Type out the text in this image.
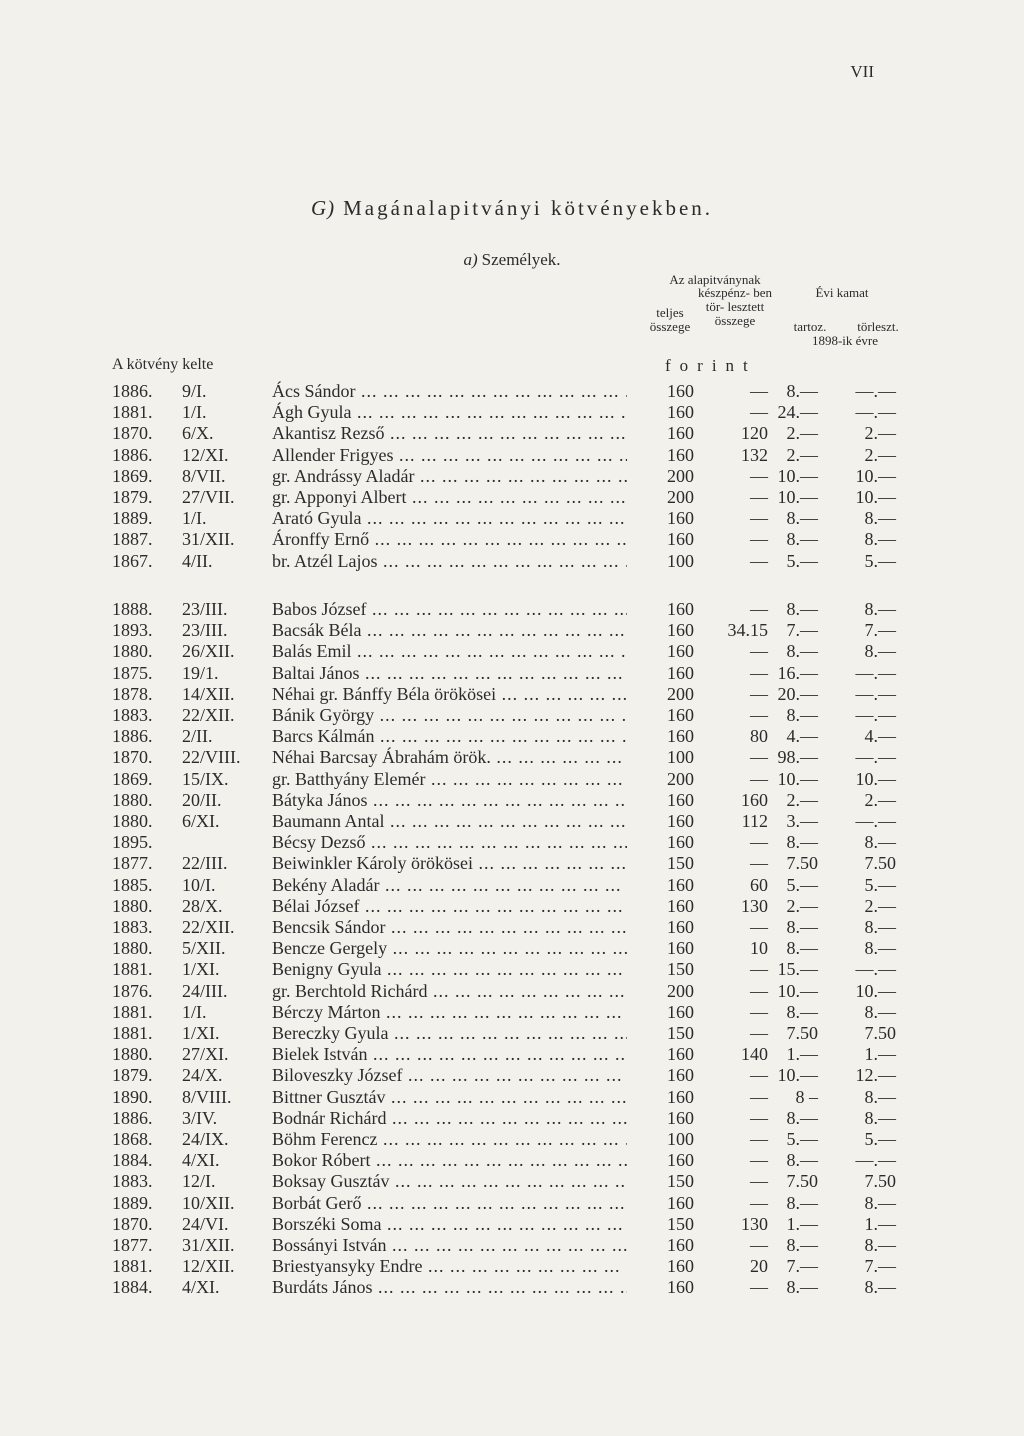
VII
G) Magánalapitványi kötvényekben.
a) Személyek.
Az alapitványnak
Évi kamat
teljes összege
készpénz- ben tör- lesztett összege	tartoz.	törleszt.
1898-ik évre
A kötvény kelte	forint
1886. 9/I.	Ács Sándor ... .	160	—	8.—	—.—
1881. 1/I.	Ágh Gyula ... .	160	— 24.—	—.—
1870. 6/X.	Akantisz Rezső ... .	160	120	2.—	2.—
1886. 12/XI. Allender Frigyes ... .	160	132	2.—	2.—
1869. 8/VII.	gr. Andrássy Aladár ... .	200	— 10.—	10.—
1879. 27/VII. gr. Apponyi Albert ... .	200	— 10.—	10.—
1889. 1/I.	Arató Gyula ... .	160	—	8.—	8.—
1887. 31/XII. Áronffy Ernő ... .	160	—	8.—	8.—
1867. 4/II.	br. Atzél Lajos ... .	100	—	5.—	5.—
1888. 23/III. Babos József ... .	160	—	8.—	8.—
1893. 23/III. Bacsák Béla ... .	160	34.15	7.—	7.—
1880. 26/XII. Balás Emil ... .	160	—	8.—	8.—
1875. 19/1.	Baltai János ... .	160	— 16.—	—.—
1878. 14/XII. Néhai gr. Bánffy Béla örökösei ... .	200	— 20.—	—.—
1883. 22/XII. Bánik György ... .	160	—	8.—	—.—
1886. 2/II.	Barcs Kálmán ... .	160	80	4.—	4.—
1870. 22/VIII. Néhai Barcsay Ábrahám örök. ... .	100	— 98.—	—.—
1869. 15/IX. gr. Batthyány Elemér ... .	200	— 10.—	10.—
1880. 20/II.	Bátyka János ... .	160	160	2.—	2.—
1880. 6/XI.	Baumann Antal ... .	160	112	3.—	—.—
1895.	Bécsy Dezső ... .	160	—	8.—	8.—
1877. 22/III. Beiwinkler Károly örökösei ... .	150	—	7.50	7.50
1885. 10/I.	Bekény Aladár ... .	160	60	5.—	5.—
1880. 28/X.	Bélai József ... .	160	130	2.—	2.—
1883. 22/XII. Bencsik Sándor ... .	160	—	8.—	8.—
1880. 5/XII.	Bencze Gergely ... .	160	10	8.—	8.—
1881. 1/XI.	Benigny Gyula ... .	150	— 15.—	—.—
1876. 24/III. gr. Berchtold Richárd ... .	200	— 10.—	10.—
1881. 1/I.	Bérczy Márton ... .	160	—	8.—	8.—
1881. 1/XI.	Bereczky Gyula ... .	150	—	7.50	7.50
1880. 27/XI. Bielek István ... .	160	140	1.—	1.—
1879. 24/X.	Biloveszky József ... .	160	— 10.—	12.—
1890. 8/VIII. Bittner Gusztáv ... .	160	—	8 –	8.—
1886. 3/IV.	Bodnár Richárd ... .	160	—	8.—	8.—
1868. 24/IX. Böhm Ferencz ... .	100	—	5.—	5.—
1884. 4/XI.	Bokor Róbert ... .	160	—	8.—	—.—
1883. 12/I.	Boksay Gusztáv ... .	150	—	7.50	7.50
1889. 10/XII. Borbát Gerő ... .	160	—	8.—	8.—
1870. 24/VI. Borszéki Soma ... .	150	130	1.—	1.—
1877. 31/XII. Bossányi István ... .	160	—	8.—	8.—
1881. 12/XII. Briestyansyky Endre ... .	160	20	7.—	7.—
1884. 4/XI.	Burdáts János ... .	160	—	8.—	8.—
